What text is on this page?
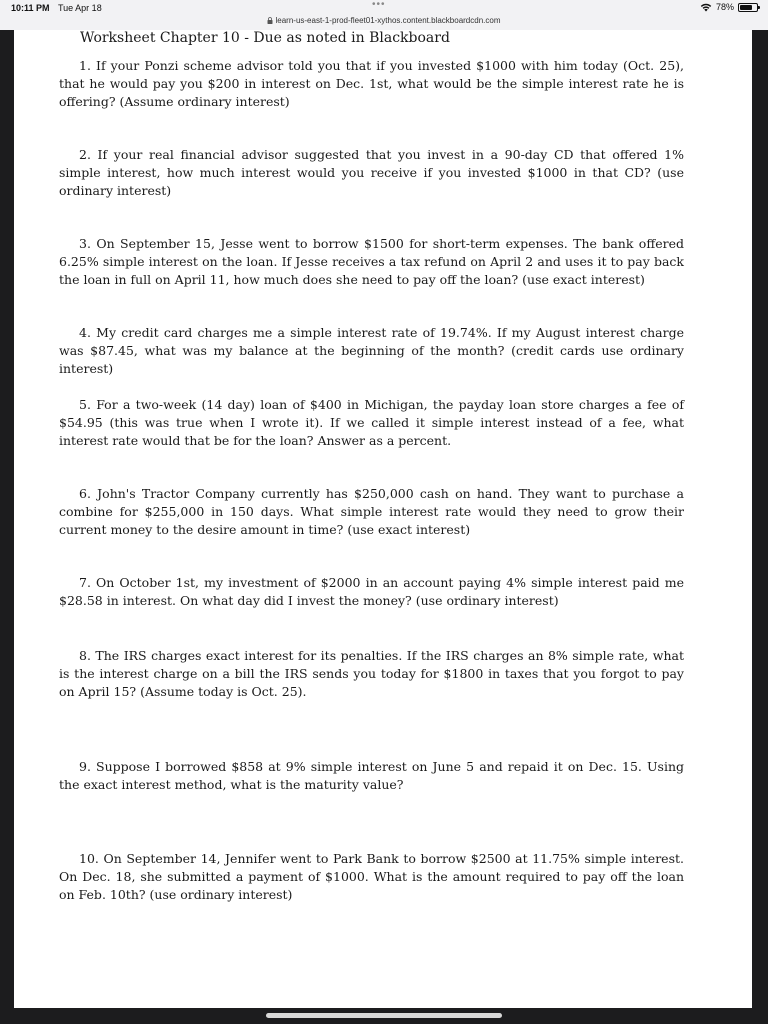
10:11 PM Tue Apr 18	•••	78%
learn-us-east-1-prod-fleet01-xythos.content.blackboardcdn.com
Worksheet Chapter 10 - Due as noted in Blackboard
1. If your Ponzi scheme advisor told you that if you invested $1000 with him today (Oct. 25), that he would pay you $200 in interest on Dec. 1st, what would be the simple interest rate he is offering? (Assume ordinary interest)
2. If your real financial advisor suggested that you invest in a 90-day CD that offered 1% simple interest, how much interest would you receive if you invested $1000 in that CD? (use ordinary interest)
3. On September 15, Jesse went to borrow $1500 for short-term expenses. The bank offered 6.25% simple interest on the loan. If Jesse receives a tax refund on April 2 and uses it to pay back the loan in full on April 11, how much does she need to pay off the loan? (use exact interest)
4. My credit card charges me a simple interest rate of 19.74%. If my August interest charge was $87.45, what was my balance at the beginning of the month? (credit cards use ordinary interest)
5. For a two-week (14 day) loan of $400 in Michigan, the payday loan store charges a fee of $54.95 (this was true when I wrote it). If we called it simple interest instead of a fee, what interest rate would that be for the loan? Answer as a percent.
6. John's Tractor Company currently has $250,000 cash on hand. They want to purchase a combine for $255,000 in 150 days. What simple interest rate would they need to grow their current money to the desire amount in time? (use exact interest)
7. On October 1st, my investment of $2000 in an account paying 4% simple interest paid me $28.58 in interest. On what day did I invest the money? (use ordinary interest)
8. The IRS charges exact interest for its penalties. If the IRS charges an 8% simple rate, what is the interest charge on a bill the IRS sends you today for $1800 in taxes that you forgot to pay on April 15? (Assume today is Oct. 25).
9. Suppose I borrowed $858 at 9% simple interest on June 5 and repaid it on Dec. 15. Using the exact interest method, what is the maturity value?
10. On September 14, Jennifer went to Park Bank to borrow $2500 at 11.75% simple interest. On Dec. 18, she submitted a payment of $1000. What is the amount required to pay off the loan on Feb. 10th? (use ordinary interest)
